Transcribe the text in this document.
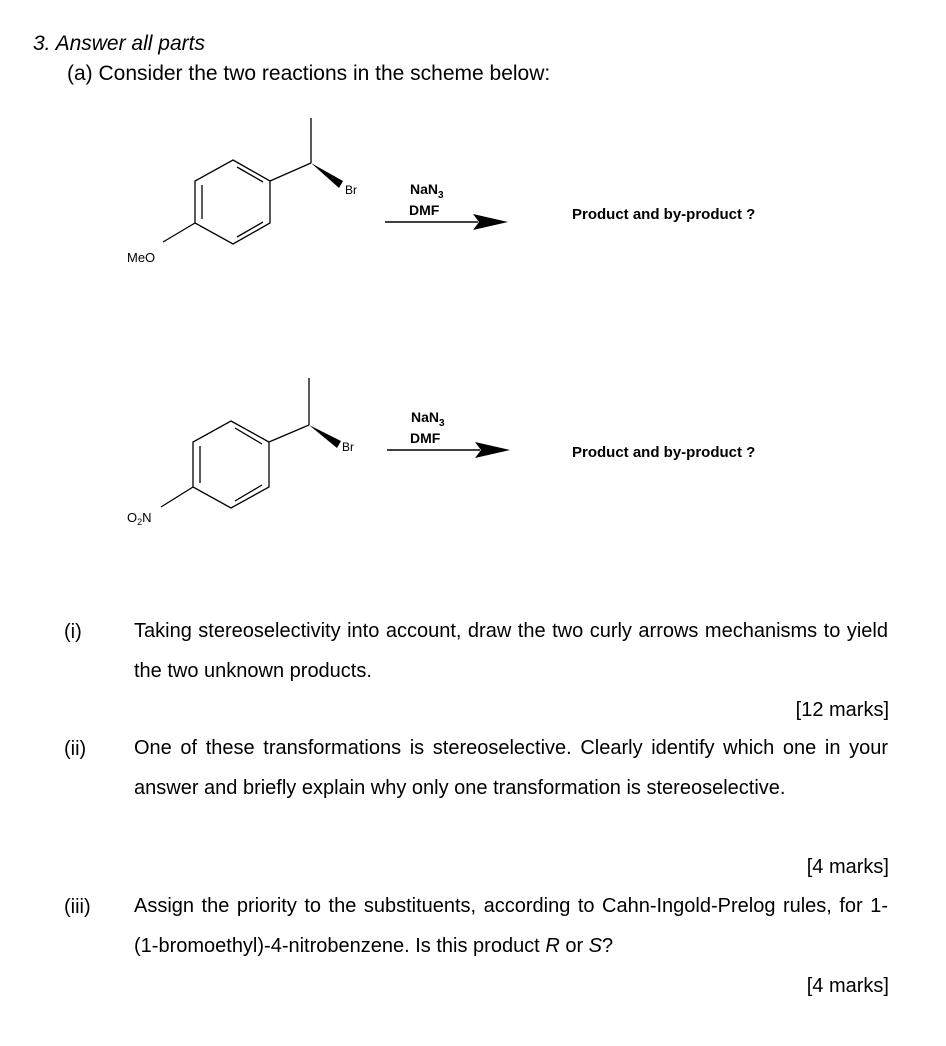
3. Answer all parts
(a) Consider the two reactions in the scheme below:
MeO
Br	NaN$_3$
DMF	Product and by-product ?
$O_2N$
Br
NaN$_3$
DMF
Product and by-product ?
(i)	Taking stereoselectivity into account, draw the two curly arrows mechanisms to yield the two unknown products.
[12 marks]
(ii) One of these transformations is stereoselective. Clearly identify which one in your answer and briefly explain why only one transformation is stereoselective.
[4 marks]
(iii) Assign the priority to the substituents, according to Cahn-Ingold-Prelog rules, for 1-(1-bromoethyl)-4-nitrobenzene. Is this product R or S?
[4 marks]
